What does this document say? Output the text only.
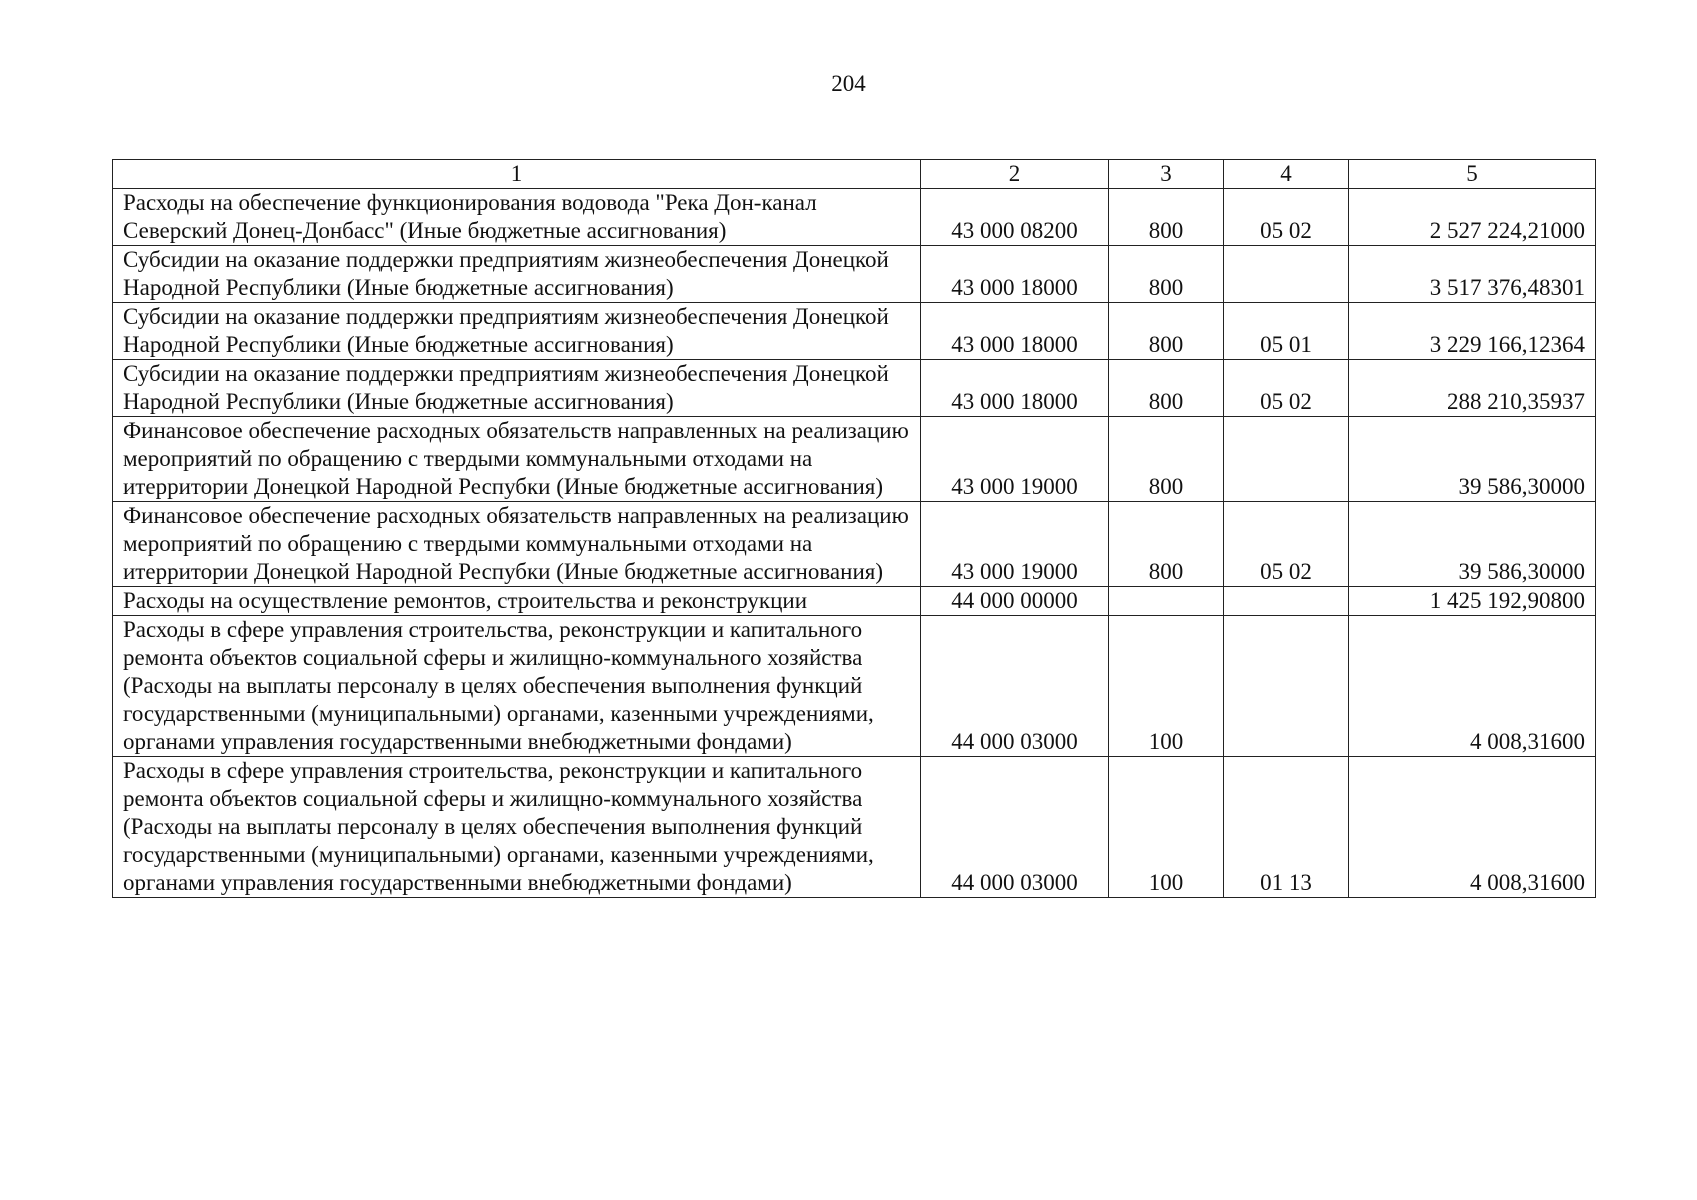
204
1	2	3	4	5
Расходы на обеспечение функционирования водовода "Река Дон-канал Северский Донец-Донбасс" (Иные бюджетные ассигнования)	43 000 08200	800	05 02	2 527 224,21000
Субсидии на оказание поддержки предприятиям жизнеобеспечения Донецкой Народной Республики (Иные бюджетные ассигнования)	43 000 18000	800		3 517 376,48301
Субсидии на оказание поддержки предприятиям жизнеобеспечения Донецкой Народной Республики (Иные бюджетные ассигнования)	43 000 18000	800	05 01	3 229 166,12364
Субсидии на оказание поддержки предприятиям жизнеобеспечения Донецкой Народной Республики (Иные бюджетные ассигнования)	43 000 18000	800	05 02	288 210,35937
Финансовое обеспечение расходных обязательств направленных на реализацию мероприятий по обращению с твердыми коммунальными отходами на итерритории Донецкой Народной Респубки (Иные бюджетные ассигнования)	43 000 19000	800		39 586,30000
Финансовое обеспечение расходных обязательств направленных на реализацию мероприятий по обращению с твердыми коммунальными отходами на итерритории Донецкой Народной Респубки (Иные бюджетные ассигнования)	43 000 19000	800	05 02	39 586,30000
Расходы на осуществление ремонтов, строительства и реконструкции	44 000 00000			1 425 192,90800
Расходы в сфере управления строительства, реконструкции и капитального ремонта объектов социальной сферы и жилищно-коммунального хозяйства (Расходы на выплаты персоналу в целях обеспечения выполнения функций государственными (муниципальными) органами, казенными учреждениями, органами управления государственными внебюджетными фондами)	44 000 03000	100		4 008,31600
Расходы в сфере управления строительства, реконструкции и капитального ремонта объектов социальной сферы и жилищно-коммунального хозяйства (Расходы на выплаты персоналу в целях обеспечения выполнения функций государственными (муниципальными) органами, казенными учреждениями, органами управления государственными внебюджетными фондами)	44 000 03000	100	01 13	4 008,31600
